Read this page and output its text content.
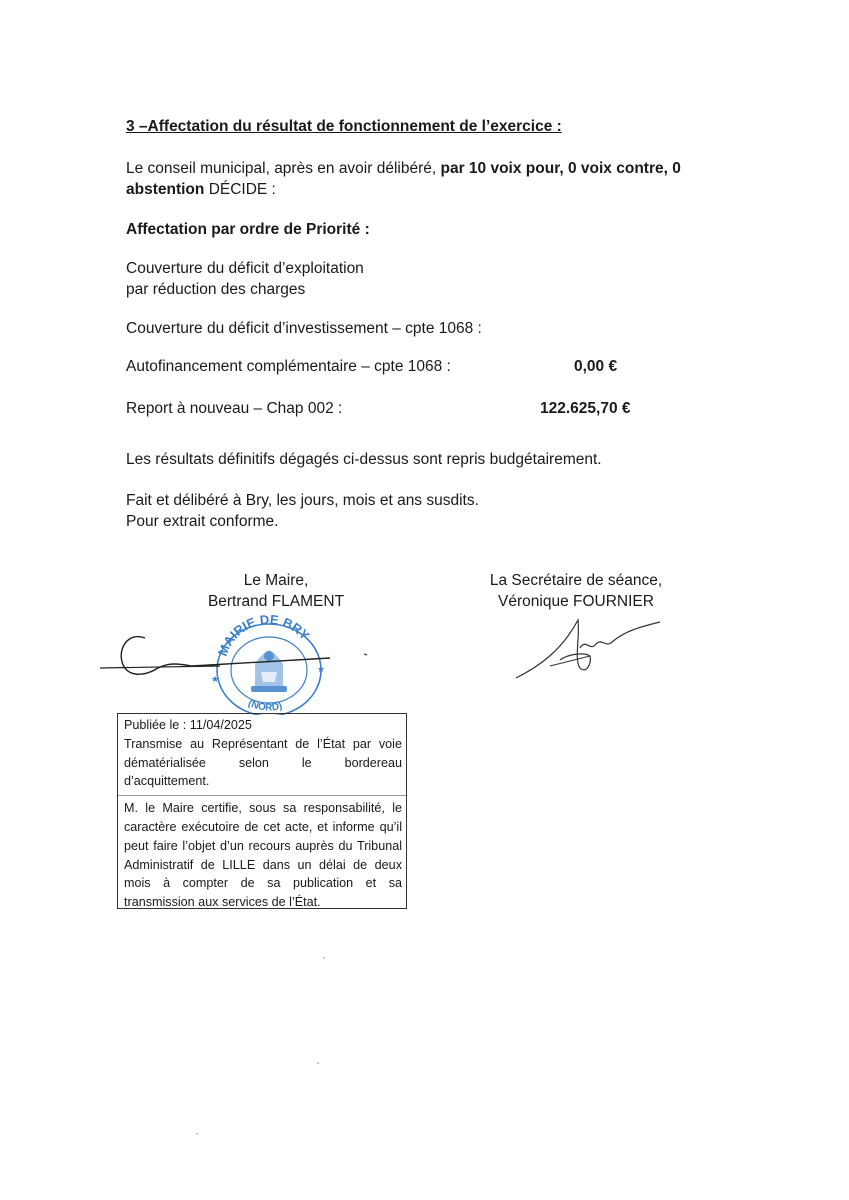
3 –Affectation du résultat de fonctionnement de l’exercice :
Le conseil municipal, après en avoir délibéré, par 10 voix pour, 0 voix contre, 0
abstention DÉCIDE :
Affectation par ordre de Priorité :
Couverture du déficit d’exploitation
par réduction des charges
Couverture du déficit d’investissement – cpte 1068 :
Autofinancement complémentaire – cpte 1068 :	0,00 €
Report à nouveau – Chap 002 :	122.625,70 €
Les résultats définitifs dégagés ci-dessus sont repris budgétairement.
Fait et délibéré à Bry, les jours, mois et ans susdits.
Pour extrait conforme.
Le Maire,
Bertrand FLAMENT
La Secrétaire de séance,
Véronique FOURNIER
MAIRIE DE BRY
(NORD)
★
★

Publiée le : 11/04/2025

Transmise au Représentant de l’État par voie dématérialisée selon le bordereau d’acquittement.

M. le Maire certifie, sous sa responsabilité, le caractère exécutoire de cet acte, et informe qu’il peut faire l’objet d’un recours auprès du Tribunal Administratif de LILLE dans un délai de deux mois à compter de sa publication et sa transmission aux services de l’État.
